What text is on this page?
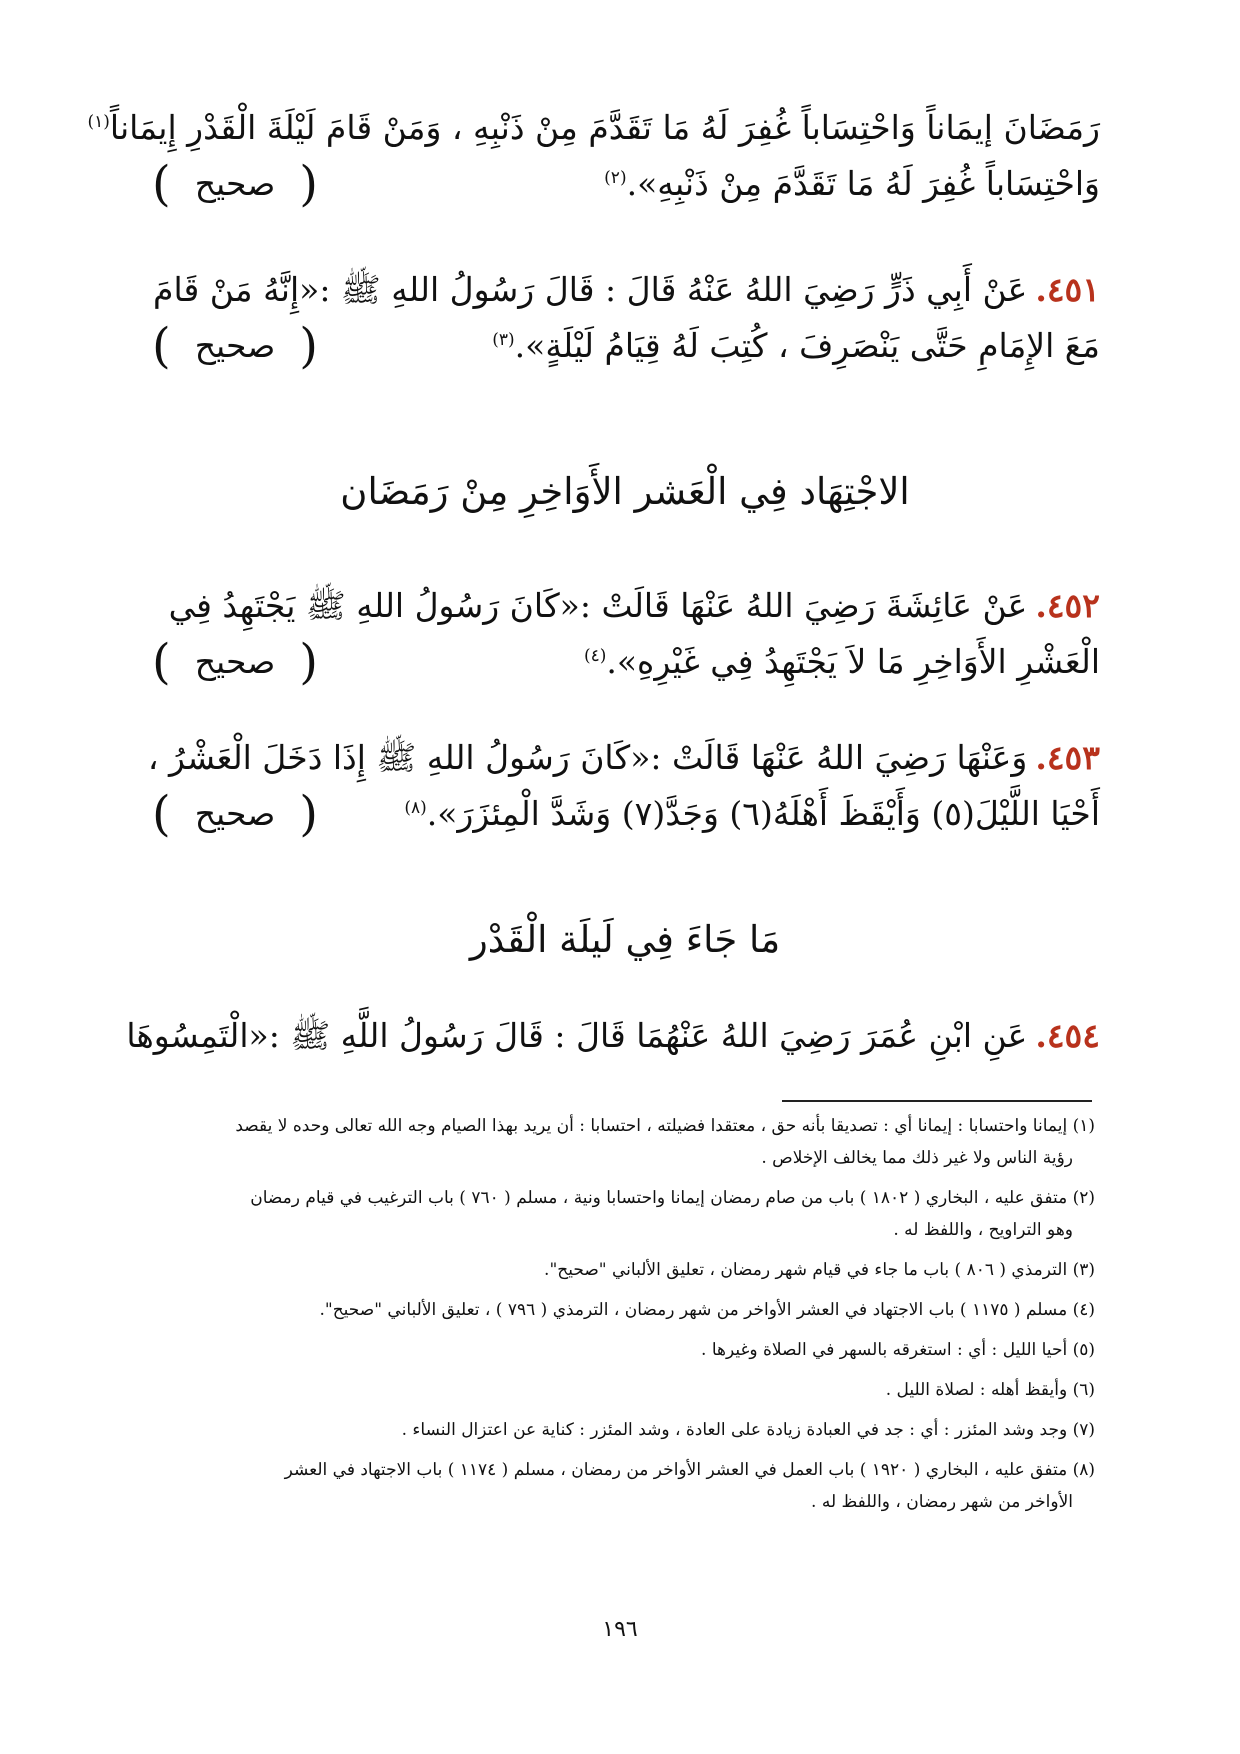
رَمَضَانَ إيمَاناً وَاحْتِسَاباً غُفِرَ لَهُ مَا تَقَدَّمَ مِنْ ذَنْبِهِ ، وَمَنْ قَامَ لَيْلَةَ الْقَدْرِ إِيمَاناً$^{(١)}$
وَاحْتِسَاباً غُفِرَ لَهُ مَا تَقَدَّمَ مِنْ ذَنْبِهِ».$^{(٢)}$
(
صحيح
)
٤٥١.عَنْ أَبِي ذَرٍّ رَضِيَ اللهُ عَنْهُ قَالَ : قَالَ رَسُولُ اللهِ ﷺ :«إِنَّهُ مَنْ قَامَ
مَعَ الإِمَامِ حَتَّى يَنْصَرِفَ ، كُتِبَ لَهُ قِيَامُ لَيْلَةٍ».$^{(٣)}$
(
صحيح
)
الاجْتِهَاد فِي الْعَشر الأَوَاخِرِ مِنْ رَمَضَان
٤٥٢.عَنْ عَائِشَةَ رَضِيَ اللهُ عَنْهَا قَالَتْ :«كَانَ رَسُولُ اللهِ ﷺ يَجْتَهِدُ فِي
الْعَشْرِ الأَوَاخِرِ مَا لاَ يَجْتَهِدُ فِي غَيْرِهِ».$^{(٤)}$
(
صحيح
)
٤٥٣.وَعَنْهَا رَضِيَ اللهُ عَنْهَا قَالَتْ :«كَانَ رَسُولُ اللهِ ﷺ إِذَا دَخَلَ الْعَشْرُ ،
أَحْيَا اللَّيْلَ(٥) وَأَيْقَظَ أَهْلَهُ(٦) وَجَدَّ(٧) وَشَدَّ الْمِئزَرَ».$^{(٨)}$
(
صحيح
)
مَا جَاءَ فِي لَيلَة الْقَدْر
٤٥٤.عَنِ ابْنِ عُمَرَ رَضِيَ اللهُ عَنْهُمَا قَالَ : قَالَ رَسُولُ اللَّهِ ﷺ :«الْتَمِسُوهَا
(١) إيمانا واحتسابا : إيمانا أي : تصديقا بأنه حق ، معتقدا فضيلته ، احتسابا : أن يريد بهذا الصيام وجه الله تعالى وحده لا يقصد
رؤية الناس ولا غير ذلك مما يخالف الإخلاص .
(٢) متفق عليه ، البخاري ( ١٨٠٢ ) باب من صام رمضان إيمانا واحتسابا ونية ، مسلم ( ٧٦٠ ) باب الترغيب في قيام رمضان
وهو التراويح ، واللفظ له .
(٣) الترمذي ( ٨٠٦ ) باب ما جاء في قيام شهر رمضان ، تعليق الألباني "صحيح".
(٤) مسلم ( ١١٧٥ ) باب الاجتهاد في العشر الأواخر من شهر رمضان ، الترمذي ( ٧٩٦ ) ، تعليق الألباني "صحيح".
(٥) أحيا الليل : أي : استغرقه بالسهر في الصلاة وغيرها .
(٦) وأيقظ أهله : لصلاة الليل .
(٧) وجد وشد المئزر : أي : جد في العبادة زيادة على العادة ، وشد المئزر : كناية عن اعتزال النساء .
(٨) متفق عليه ، البخاري ( ١٩٢٠ ) باب العمل في العشر الأواخر من رمضان ، مسلم ( ١١٧٤ ) باب الاجتهاد في العشر
الأواخر من شهر رمضان ، واللفظ له .
١٩٦
